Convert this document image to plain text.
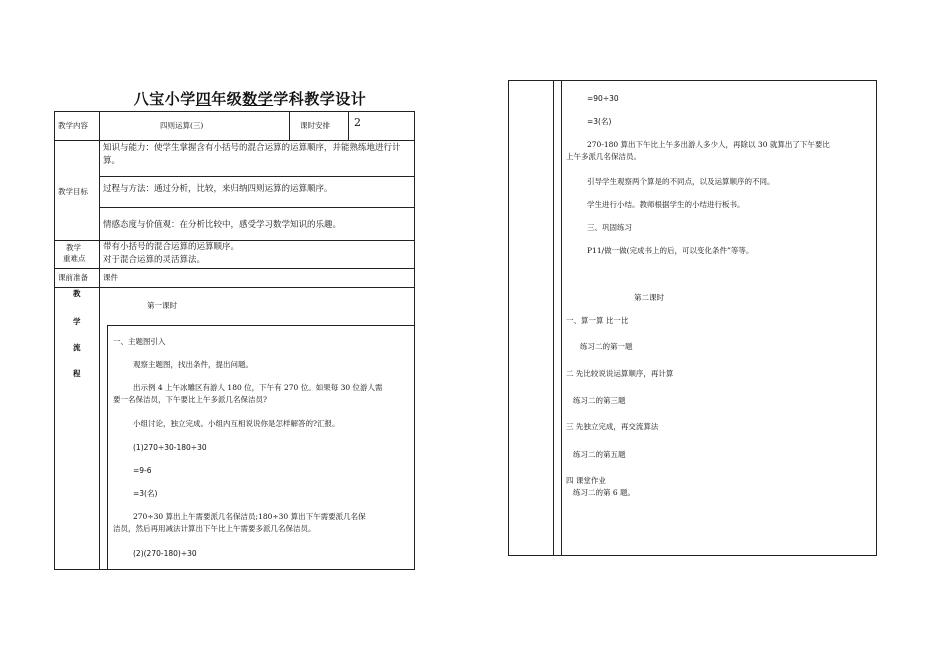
八宝小学四年级数学学科教学设计
教学内容	四则运算(三)	课时安排 2
教学目标
知识与能力：使学生掌握含有小括号的混合运算的运算顺序，并能熟练地进行计算。
过程与方法：通过分析，比较，来归纳四则运算的运算顺序。
情感态度与价值观：在分析比较中，感受学习数学知识的乐趣。
教学
重难点
带有小括号的混合运算的运算顺序。
对于混合运算的灵活算法。
课前准备 课件
教
学
流
程
第一课时
一、主题图引入
观察主题图，找出条件，提出问题。
出示例 4 上午冰雕区有游人 180 位，下午有 270 位。如果每 30 位游人需
要一名保洁员，下午要比上午多派几名保洁员?
小组讨论，独立完成。小组内互相说说你是怎样解答的?汇报。
(1)270÷30-180÷30
=9-6
=3(名)
270÷30 算出上午需要派几名保洁员;180÷30 算出下午需要派几名保
洁员，然后再用减法计算出下午比上午需要多派几名保洁员。
(2)(270-180)÷30
=90÷30
=3(名)
270-180 算出下午比上午多出游人多少人，再除以 30 就算出了下午要比
上午多派几名保洁员。
引导学生观察两个算是的不同点，以及运算顺序的不同。
学生进行小结。教师根据学生的小结进行板书。
三、巩固练习
P11/做一做(完成书上的后，可以变化条件”等等。
第二课时
一、算一算 比一比
练习二的第一题
二 先比较说说运算顺序，再计算
练习二的第三题
三 先独立完成，再交流算法
练习二的第五题
四 课堂作业
练习二的第 6 题。
